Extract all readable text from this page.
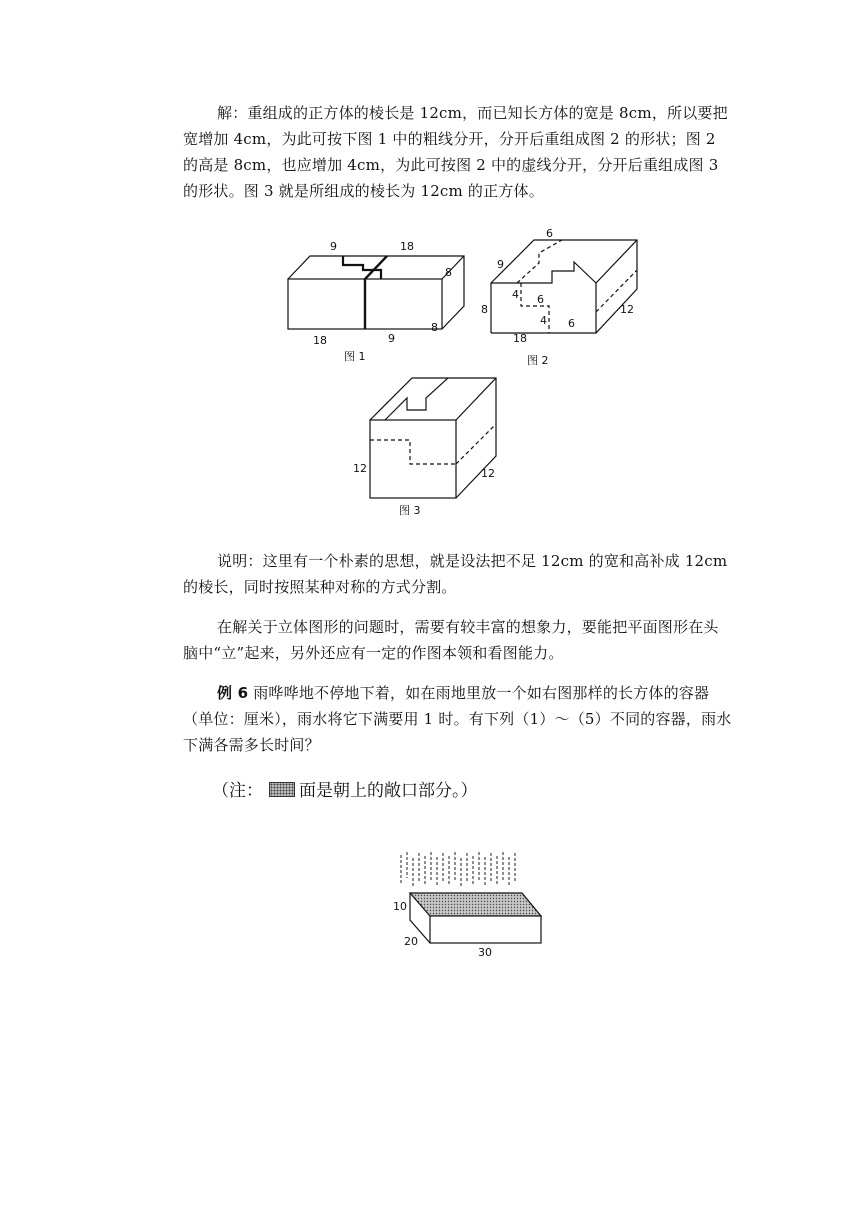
解：重组成的正方体的棱长是 12cm，而已知长方体的宽是 8cm，所以要把宽增加 4cm，为此可按下图 1 中的粗线分开，分开后重组成图 2 的形状；图 2 的高是 8cm，也应增加 4cm，为此可按图 2 中的虚线分开，分开后重组成图 3 的形状。图 3 就是所组成的棱长为 12cm 的正方体。

9	18
8
18	9
8
图 1
6
9
4 6
8
4 6
12
18
图 2
12	12
图 3
10
20
30

说明：这里有一个朴素的思想，就是设法把不足 12cm 的宽和高补成 12cm 的棱长，同时按照某种对称的方式分割。

在解关于立体图形的问题时，需要有较丰富的想象力，要能把平面图形在头脑中“立”起来，另外还应有一定的作图本领和看图能力。

例 6 雨哗哗地不停地下着，如在雨地里放一个如右图那样的长方体的容器（单位：厘米），雨水将它下满要用 1 时。有下列（1）～（5）不同的容器，雨水下满各需多长时间？

（注： 面是朝上的敞口部分。）
